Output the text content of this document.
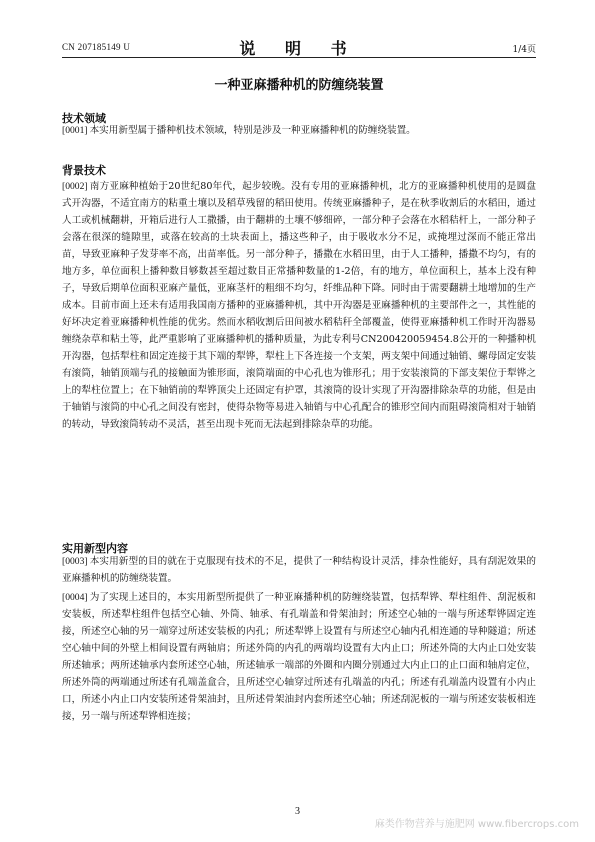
CN 207185149 U	说 明 书	1/4页
一种亚麻播种机的防缠绕装置
技术领域
[0001] 本实用新型属于播种机技术领域，特别是涉及一种亚麻播种机的防缠绕装置。
背景技术
[0002] 南方亚麻种植始于20世纪80年代，起步较晚。没有专用的亚麻播种机，北方的亚麻播种机使用的是圆盘式开沟器，不适宜南方的粘重土壤以及稻草残留的稻田使用。传统亚麻播种子，是在秋季收割后的水稻田，通过人工或机械翻耕，开箱后进行人工撒播，由于翻耕的土壤不够细碎，一部分种子会落在水稻秸杆上，一部分种子会落在很深的缝隙里，或落在较高的土块表面上，播这些种子，由于吸收水分不足，或掩埋过深而不能正常出苗，导致亚麻种子发芽率不高，出苗率低。另一部分种子，播撒在水稻田里，由于人工播种，播撒不均匀，有的地方多，单位面积上播种数目够数甚至超过数目正常播种数量的1-2倍，有的地方，单位面积上，基本上没有种子，导致后期单位面积亚麻产量低，亚麻茎杆的粗细不均匀，纤维品种下降。同时由于需要翻耕土地增加的生产成本。目前市面上还未有适用我国南方播种的亚麻播种机，其中开沟器是亚麻播种机的主要部件之一，其性能的好坏决定着亚麻播种机性能的优劣。然而水稻收割后田间被水稻秸秆全部覆盖，使得亚麻播种机工作时开沟器易缠绕杂草和粘土等，此严重影响了亚麻播种机的播种质量，为此专利号CN200420059454.8公开的一种播种机开沟器，包括犁柱和固定连接于其下端的犁铧，犁柱上下各连接一个支架，两支架中间通过轴销、螺母固定安装有滚筒，轴销顶端与孔的接触面为锥形面，滚筒端面的中心孔也为锥形孔；用于安装滚筒的下部支架位于犁铧之上的犁柱位置上；在下轴销前的犁铧顶尖上还固定有护罩，其滚筒的设计实现了开沟器排除杂草的功能，但是由于轴销与滚筒的中心孔之间没有密封，使得杂物等易进入轴销与中心孔配合的锥形空间内而阻碍滚筒相对于轴销的转动，导致滚筒转动不灵活，甚至出现卡死而无法起到排除杂草的功能。
实用新型内容
[0003] 本实用新型的目的就在于克服现有技术的不足，提供了一种结构设计灵活，排杂性能好，具有刮泥效果的亚麻播种机的防缠绕装置。
[0004] 为了实现上述目的，本实用新型所提供了一种亚麻播种机的防缠绕装置，包括犁铧、犁柱组件、刮泥板和安装板，所述犁柱组件包括空心轴、外筒、轴承、有孔端盖和骨架油封；所述空心轴的一端与所述犁铧固定连接，所述空心轴的另一端穿过所述安装板的内孔；所述犁铧上设置有与所述空心轴内孔相连通的导种隧道；所述空心轴中间的外壁上相间设置有两轴肩；所述外筒的内孔的两端均设置有大内止口；所述外筒的大内止口处安装所述轴承；两所述轴承内套所述空心轴，所述轴承一端部的外圈和内圈分别通过大内止口的止口面和轴肩定位，所述外筒的两端通过所述有孔端盖盒合，且所述空心轴穿过所述有孔端盖的内孔；所述有孔端盖内设置有小内止口，所述小内止口内安装所述骨架油封，且所述骨架油封内套所述空心轴；所述刮泥板的一端与所述安装板相连接，另一端与所述犁铧相连接；
3
麻类作物营养与施肥网 www.fibercrops.com
